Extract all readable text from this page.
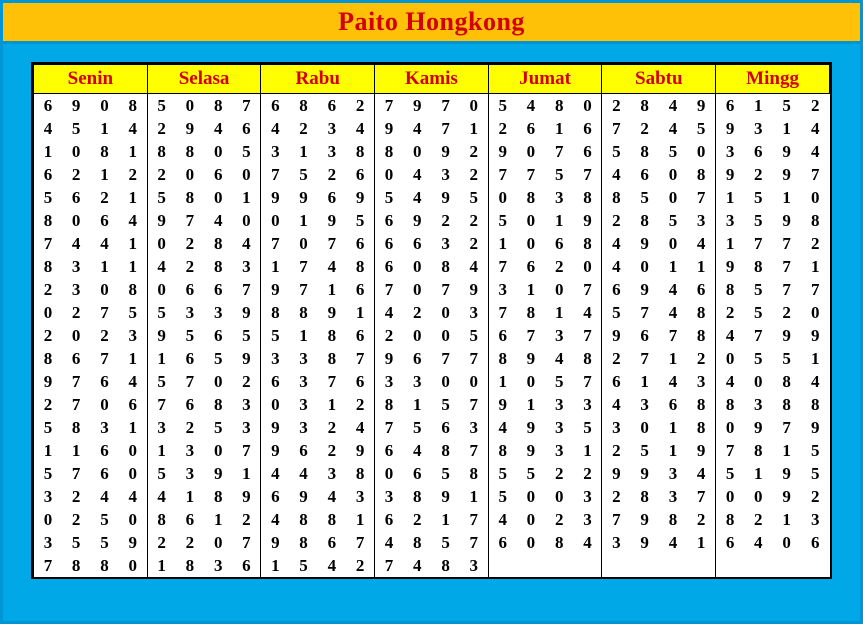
Paito Hongkong
Senin				Selasa				Rabu				Kamis				Jumat				Sabtu				Mingg			
6	9	0	8	5	0	8	7	6	8	6	2	7	9	7	0	5	4	8	0	2	8	4	9	6	1	5	2
4	5	1	4	2	9	4	6	4	2	3	4	9	4	7	1	2	6	1	6	7	2	4	5	9	3	1	4
1	0	8	1	8	8	0	5	3	1	3	8	8	0	9	2	9	0	7	6	5	8	5	0	3	6	9	4
6	2	1	2	2	0	6	0	7	5	2	6	0	4	3	2	7	7	5	7	4	6	0	8	9	2	9	7
5	6	2	1	5	8	0	1	9	9	6	9	5	4	9	5	0	8	3	8	8	5	0	7	1	5	1	0
8	0	6	4	9	7	4	0	0	1	9	5	6	9	2	2	5	0	1	9	2	8	5	3	3	5	9	8
7	4	4	1	0	2	8	4	7	0	7	6	6	6	3	2	1	0	6	8	4	9	0	4	1	7	7	2
8	3	1	1	4	2	8	3	1	7	4	8	6	0	8	4	7	6	2	0	4	0	1	1	9	8	7	1
2	3	0	8	0	6	6	7	9	7	1	6	7	0	7	9	3	1	0	7	6	9	4	6	8	5	7	7
0	2	7	5	5	3	3	9	8	8	9	1	4	2	0	3	7	8	1	4	5	7	4	8	2	5	2	0
2	0	2	3	9	5	6	5	5	1	8	6	2	0	0	5	6	7	3	7	9	6	7	8	4	7	9	9
8	6	7	1	1	6	5	9	3	3	8	7	9	6	7	7	8	9	4	8	2	7	1	2	0	5	5	1
9	7	6	4	5	7	0	2	6	3	7	6	3	3	0	0	1	0	5	7	6	1	4	3	4	0	8	4
2	7	0	6	7	6	8	3	0	3	1	2	8	1	5	7	9	1	3	3	4	3	6	8	8	3	8	8
5	8	3	1	3	2	5	3	9	3	2	4	7	5	6	3	4	9	3	5	3	0	1	8	0	9	7	9
1	1	6	0	1	3	0	7	9	6	2	9	6	4	8	7	8	9	3	1	2	5	1	9	7	8	1	5
5	7	6	0	5	3	9	1	4	4	3	8	0	6	5	8	5	5	2	2	9	9	3	4	5	1	9	5
3	2	4	4	4	1	8	9	6	9	4	3	3	8	9	1	5	0	0	3	2	8	3	7	0	0	9	2
0	2	5	0	8	6	1	2	4	8	8	1	6	2	1	7	4	0	2	3	7	9	8	2	8	2	1	3
3	5	5	9	2	2	0	7	9	8	6	7	4	8	5	7	6	0	8	4	3	9	4	1	6	4	0	6
7	8	8	0	1	8	3	6	1	5	4	2	7	4	8	3												
